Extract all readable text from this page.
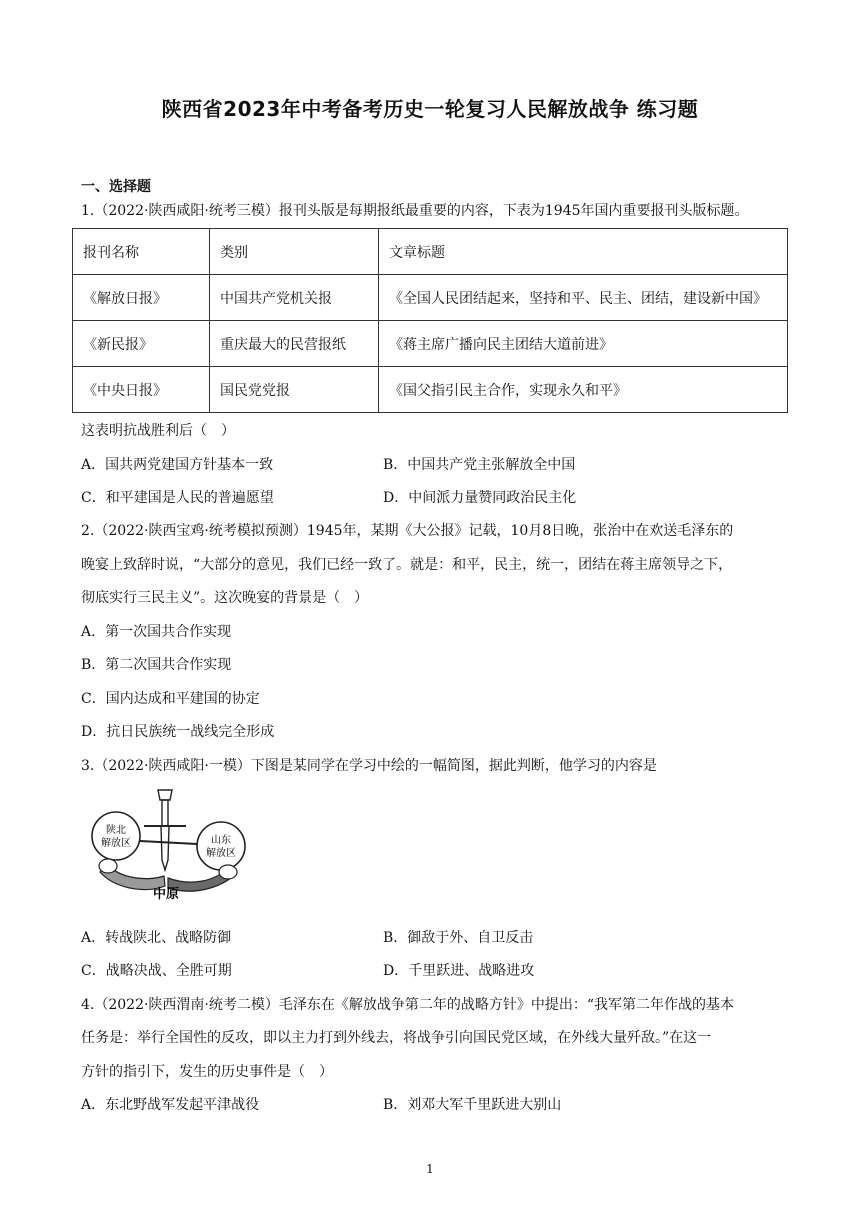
陕西省2023年中考备考历史一轮复习人民解放战争 练习题
一、选择题
1.（2022·陕西咸阳·统考三模）报刊头版是每期报纸最重要的内容，下表为1945年国内重要报刊头版标题。
报刊名称	类别	文章标题
《解放日报》	中国共产党机关报	《全国人民团结起来，坚持和平、民主、团结，建设新中国》
《新民报》	重庆最大的民营报纸	《蒋主席广播向民主团结大道前进》
《中央日报》	国民党党报	《国父指引民主合作，实现永久和平》
这表明抗战胜利后（　）
A．国共两党建国方针基本一致	B．中国共产党主张解放全中国
C．和平建国是人民的普遍愿望	D．中间派力量赞同政治民主化
2.（2022·陕西宝鸡·统考模拟预测）1945年，某期《大公报》记载，10月8日晚，张治中在欢送毛泽东的
晚宴上致辞时说，“大部分的意见，我们已经一致了。就是：和平，民主，统一，团结在蒋主席领导之下，
彻底实行三民主义”。这次晚宴的背景是（　）
A．第一次国共合作实现
B．第二次国共合作实现
C．国内达成和平建国的协定
D．抗日民族统一战线完全形成
3.（2022·陕西咸阳·一模）下图是某同学在学习中绘的一幅简图，据此判断，他学习的内容是
陕北
解放区	山东
解放区
中原
A．转战陕北、战略防御	B．御敌于外、自卫反击
C．战略决战、全胜可期	D．千里跃进、战略进攻
4.（2022·陕西渭南·统考二模）毛泽东在《解放战争第二年的战略方针》中提出：“我军第二年作战的基本
任务是：举行全国性的反攻，即以主力打到外线去，将战争引向国民党区域，在外线大量歼敌。”在这一
方针的指引下，发生的历史事件是（　）
A．东北野战军发起平津战役	B．刘邓大军千里跃进大别山
1
